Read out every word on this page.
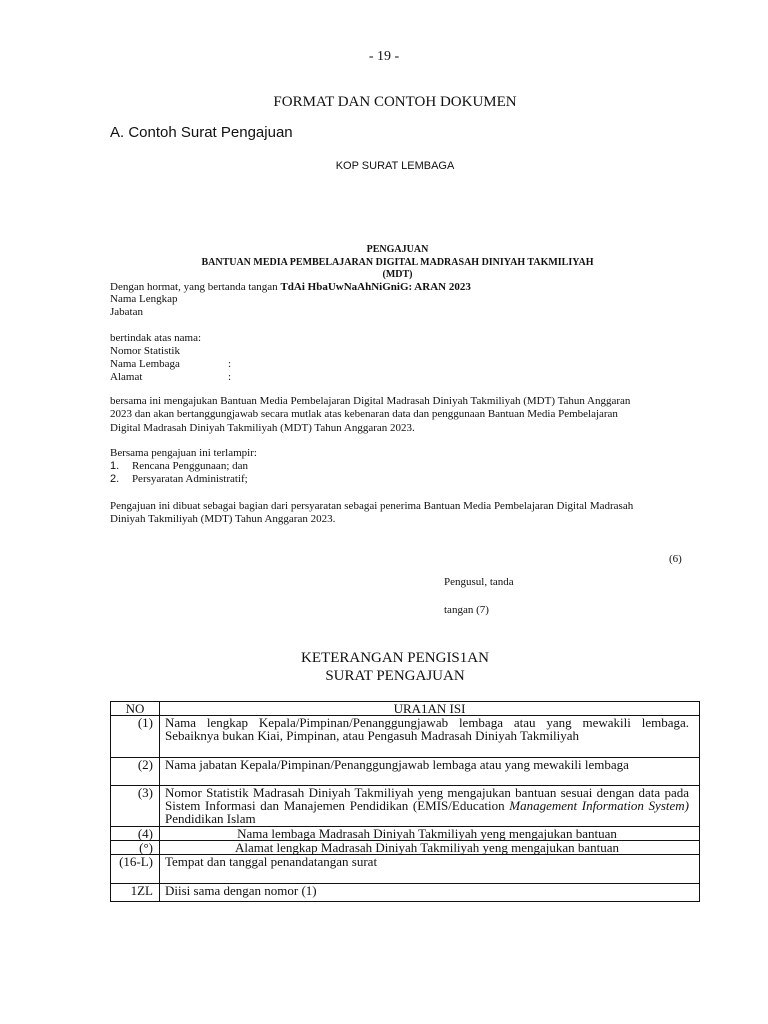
- 19 -
FORMAT DAN CONTOH DOKUMEN
A. Contoh Surat Pengajuan
KOP SURAT LEMBAGA
PENGAJUAN
BANTUAN MEDIA PEMBELAJARAN DIGITAL MADRASAH DINIYAH TAKMILIYAH
(MDT)
Dengan hormat, yang bertanda tangan TdAi HbaUwNaAhNiGniG: ARAN 2023
Nama Lengkap
Jabatan
bertindak atas nama:
Nomor Statistik
Nama Lembaga	:
Alamat	:
bersama ini mengajukan Bantuan Media Pembelajaran Digital Madrasah Diniyah Takmiliyah (MDT) Tahun Anggaran 2023 dan akan bertanggungjawab secara mutlak atas kebenaran data dan penggunaan Bantuan Media Pembelajaran Digital Madrasah Diniyah Takmiliyah (MDT) Tahun Anggaran 2023.
Bersama pengajuan ini terlampir:
1. Rencana Penggunaan; dan
2. Persyaratan Administratif;
Pengajuan ini dibuat sebagai bagian dari persyaratan sebagai penerima Bantuan Media Pembelajaran Digital Madrasah Diniyah Takmiliyah (MDT) Tahun Anggaran 2023.
(6)
Pengusul, tanda
tangan (7)
KETERANGAN PENGIS1AN
SURAT PENGAJUAN
NO	URA1AN ISI
(1)	Nama lengkap Kepala/Pimpinan/Penanggungjawab lembaga atau yang mewakili lembaga. Sebaiknya bukan Kiai, Pimpinan, atau Pengasuh Madrasah Diniyah Takmiliyah
(2)	Nama jabatan Kepala/Pimpinan/Penanggungjawab lembaga atau yang mewakili lembaga
(3)	Nomor Statistik Madrasah Diniyah Takmiliyah yeng mengajukan bantuan sesuai dengan data pada Sistem Informasi dan Manajemen Pendidikan (EMIS/Education Management Information System) Pendidikan Islam
(4)	Nama lembaga Madrasah Diniyah Takmiliyah yeng mengajukan bantuan
(°)	Alamat lengkap Madrasah Diniyah Takmiliyah yeng mengajukan bantuan
(16-L)	Tempat dan tanggal penandatangan surat
1ZL	Diisi sama dengan nomor (1)
